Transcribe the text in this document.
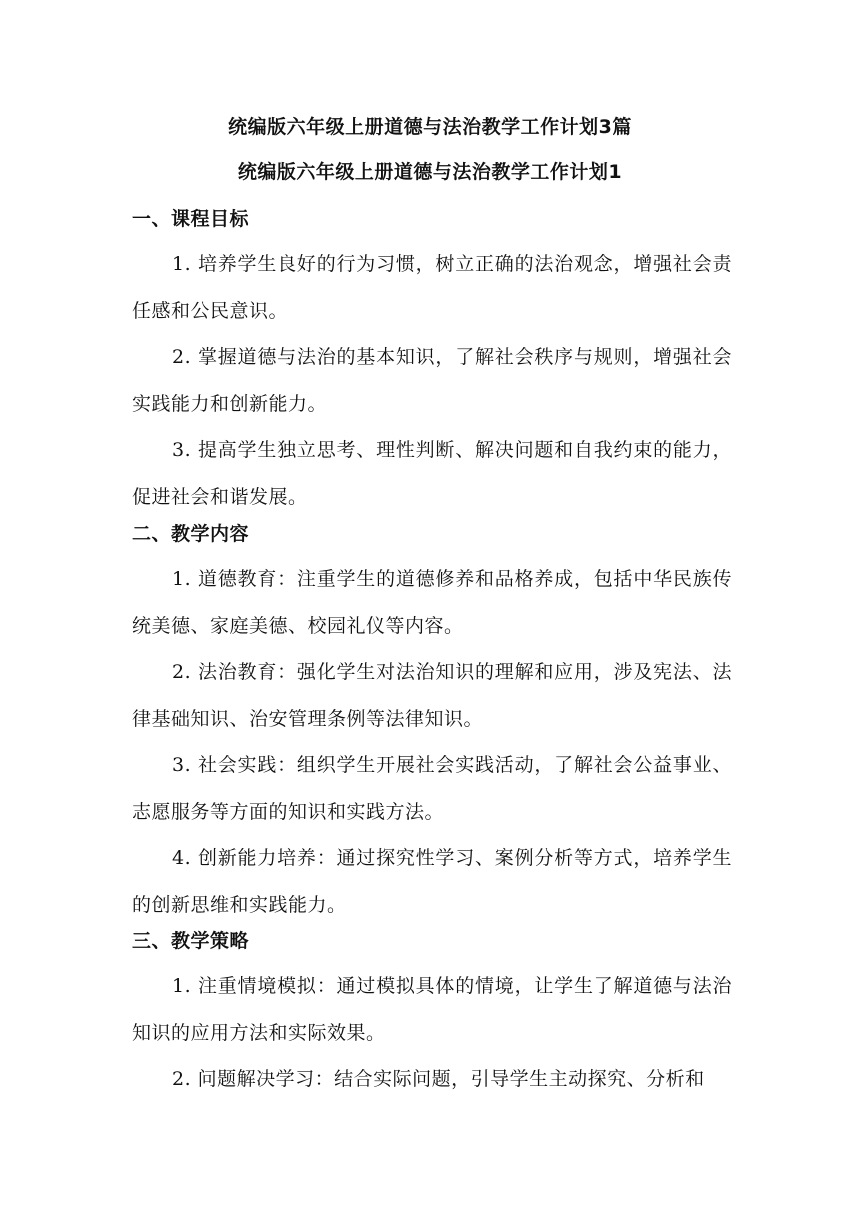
统编版六年级上册道德与法治教学工作计划3篇

统编版六年级上册道德与法治教学工作计划1

一、课程目标

1. 培养学生良好的行为习惯，树立正确的法治观念，增强社会责任感和公民意识。

2. 掌握道德与法治的基本知识，了解社会秩序与规则，增强社会实践能力和创新能力。

3. 提高学生独立思考、理性判断、解决问题和自我约束的能力，促进社会和谐发展。

二、教学内容

1. 道德教育：注重学生的道德修养和品格养成，包括中华民族传统美德、家庭美德、校园礼仪等内容。

2. 法治教育：强化学生对法治知识的理解和应用，涉及宪法、法律基础知识、治安管理条例等法律知识。

3. 社会实践：组织学生开展社会实践活动，了解社会公益事业、志愿服务等方面的知识和实践方法。

4. 创新能力培养：通过探究性学习、案例分析等方式，培养学生的创新思维和实践能力。

三、教学策略

1. 注重情境模拟：通过模拟具体的情境，让学生了解道德与法治知识的应用方法和实际效果。

2. 问题解决学习：结合实际问题，引导学生主动探究、分析和
